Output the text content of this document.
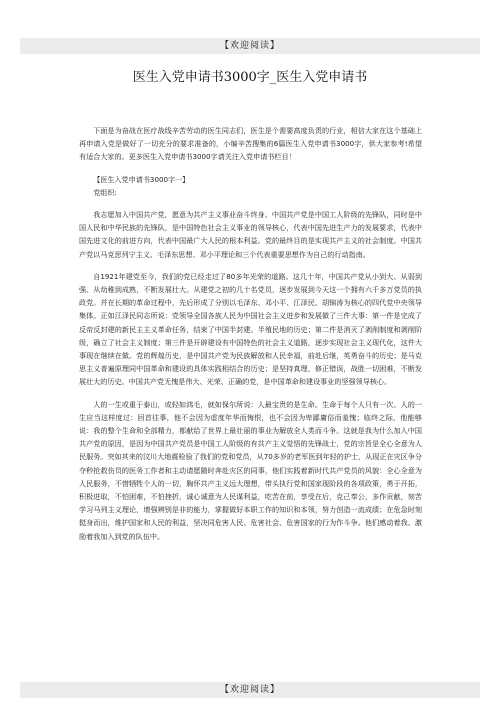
【欢迎阅读】
医生入党申请书3000字_医生入党申请书

下面是为奋战在医疗战线辛苦劳动的医生同志们，医生是个需要高度负责的行业，相信大家在这个基础上再申请入党是做好了一切充分的要求准备的，小编辛苦搜集的6篇医生入党申请书3000字，供大家参考!希望有适合大家的。更多医生入党申请书3000字请关注入党申请书栏目！

【医生入党申请书3000字一】

党组织:

我志愿加入中国共产党，愿意为共产主义事业奋斗终身。中国共产党是中国工人阶级的先锋队，同时是中国人民和中华民族的先锋队，是中国特色社会主义事业的领导核心，代表中国先进生产力的发展要求，代表中国先进文化的前进方向，代表中国最广大人民的根本利益。党的最终目的是实现共产主义的社会制度。中国共产党以马克思列宁主义、毛泽东思想、邓小平理论和三个代表重要思想作为自己的行动指南。

自1921年建党至今，我们的党已经走过了80多年光荣的道路。这几十年，中国共产党从小到大、从弱到强、从幼稚到成熟，不断发展壮大。从建党之初的几十名党员，逐步发展到今天这一个拥有六千多万党员的执政党。并在长期的革命过程中，先后形成了分别以毛泽东、邓小平、江泽民、胡锦涛为核心的四代党中央领导集体。正如江泽民同志所说：党领导全国各族人民为中国社会主义进步和发展做了三件大事：第一件是完成了反帝反封建的新民主主义革命任务，结束了中国半封建、半殖民地的历史；第二件是消灭了剥削制度和剥削阶级，确立了社会主义制度；第三件是开辟建设有中国特色的社会主义道路，逐步实现社会主义现代化，这件大事现在继续在做。党的辉煌历史，是中国共产党为民族解放和人民幸福，前赴后继，英勇奋斗的历史；是马克思主义普遍原理同中国革命和建设的具体实践相结合的历史；是坚持真理，修正错误，战胜一切困难，不断发展壮大的历史。中国共产党无愧是伟大、光荣、正确的党，是中国革命和建设事业的坚强领导核心。

人的一生或重于泰山，或轻如鸿毛，就如保尔所说：人最宝贵的是生命。生命于每个人只有一次。人的一生应当这样度过：回首往事，他不会因为虚度年华而悔恨，也不会因为卑鄙庸俗而羞愧；临终之际，他能够说：我的整个生命和全部精力，都献给了世界上最壮丽的事业为解放全人类而斗争。这就是我为什么加入中国共产党的原因，是因为中国共产党员是中国工人阶级的有共产主义觉悟的先锋战士，党的宗旨是全心全意为人民服务。突如其来的汶川大地震检验了我们的党和党员，从70多岁的老军医到年轻的护士，从现正在灾区争分夺秒抢救伤员的医务工作者和主动请愿随时奔赴灾区的同事，他们实践着新时代共产党员的风貌：全心全意为人民服务，不惜牺牲个人的一切，胸怀共产主义远大理想，带头执行党和国家现阶段的各项政策，勇于开拓，积极进取，不怕困难，不怕挫折，诚心诚意为人民谋利益，吃苦在前，享受在后，克己奉公，多作贡献，刻苦学习马列主义理论，增强辨别是非的能力，掌握做好本职工作的知识和本领，努力创造一流成绩；在危急时刻挺身而出，维护国家和人民的利益，坚决同危害人民、危害社会、危害国家的行为作斗争。他们感动着我、激励着我加入到党的队伍中。

【欢迎阅读】
